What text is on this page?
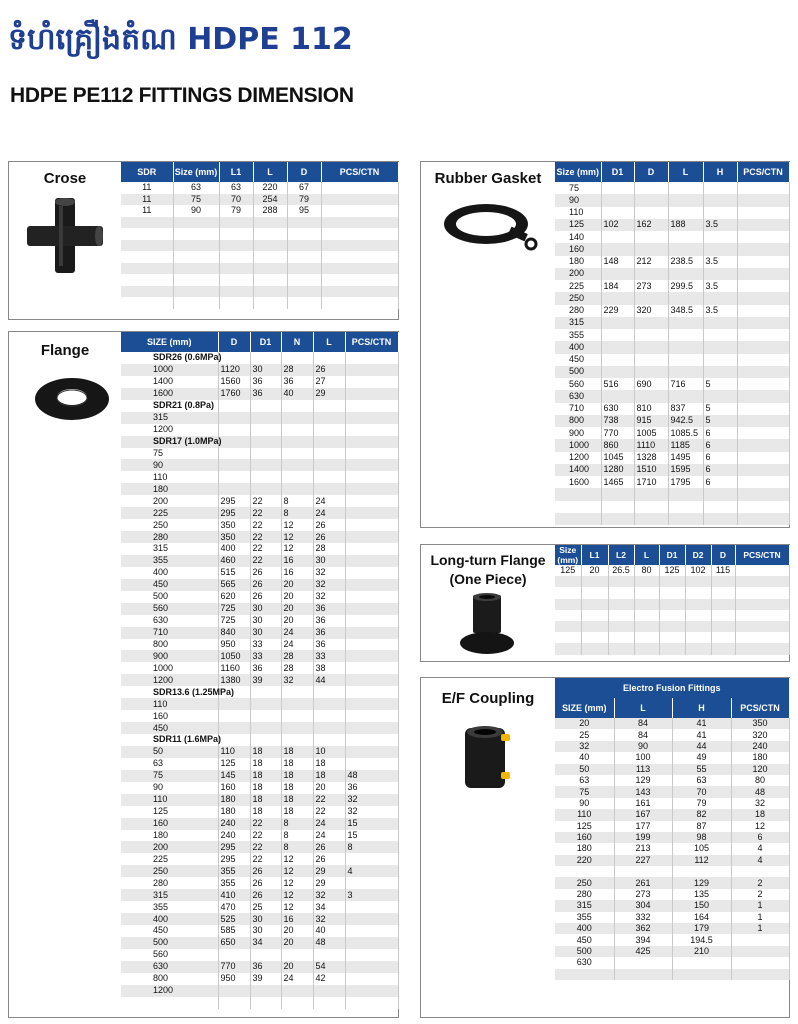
ទំហំគ្រឿងតំណ HDPE 112
HDPE PE112 FITTINGS DIMENSION
Crose	SDR	Size (mm)	L1	L	D	PCS/CTN
11	63	63	220	67	
11	75	70	254	79	
11	90	79	288	95	

Flange	SIZE (mm)	D	D1	N	L	PCS/CTN
SDR26 (0.6MPa)					
1000	1120	30	28	26	
1400	1560	36	36	27	
1600	1760	36	40	29	
SDR21 (0.8Pa)					
315					
1200					
SDR17 (1.0MPa)					
75					
90					
110					
180					
200	295	22	8	24	
225	295	22	8	24	
250	350	22	12	26	
280	350	22	12	26	
315	400	22	12	28	
355	460	22	16	30	
400	515	26	16	32	
450	565	26	20	32	
500	620	26	20	32	
560	725	30	20	36	
630	725	30	20	36	
710	840	30	24	36	
800	950	33	24	36	
900	1050	33	28	33	
1000	1160	36	28	38	
1200	1380	39	32	44	
SDR13.6 (1.25MPa)					
110					
160					
450					
SDR11 (1.6MPa)					
50	110	18	18	10	
63	125	18	18	18	
75	145	18	18	18	48
90	160	18	18	20	36
110	180	18	18	22	32
125	180	18	18	22	32
160	240	22	8	24	15
180	240	22	8	24	15
200	295	22	8	26	8
225	295	22	12	26	
250	355	26	12	29	4
280	355	26	12	29	
315	410	26	12	32	3
355	470	25	12	34	
400	525	30	16	32	
450	585	30	20	40	
500	650	34	20	48	
560					
630	770	36	20	54	
800	950	39	24	42	
1200					

Rubber Gasket	Size (mm)	D1	D	L	H	PCS/CTN
75					
90					
110					
125	102	162	188	3.5	
140					
160					
180	148	212	238.5	3.5	
200					
225	184	273	299.5	3.5	
250					
280	229	320	348.5	3.5	
315					
355					
400					
450					
500					
560	516	690	716	5	
630					
710	630	810	837	5	
800	738	915	942.5	5	
900	770	1005	1085.5	6	
1000	860	1110	1185	6	
1200	1045	1328	1495	6	
1400	1280	1510	1595	6	
1600	1465	1710	1795	6	

Long-turn Flange (One Piece)
Size (mm)	L1	L2	L	D1	D2	D	PCS/CTN
125	20	26.5	80	125	102	115	

E/F Coupling
Electro Fusion Fittings			
SIZE (mm)	L	H	PCS/CTN
20	84	41	350
25	84	41	320
32	90	44	240
40	100	49	180
50	113	55	120
63	129	63	80
75	143	70	48
90	161	79	32
110	167	82	18
125	177	87	12
160	199	98	6
180	213	105	4
220	227	112	4

250	261	129	2
280	273	135	2
315	304	150	1
355	332	164	1
400	362	179	1
450	394	194.5	
500	425	210	
630			
